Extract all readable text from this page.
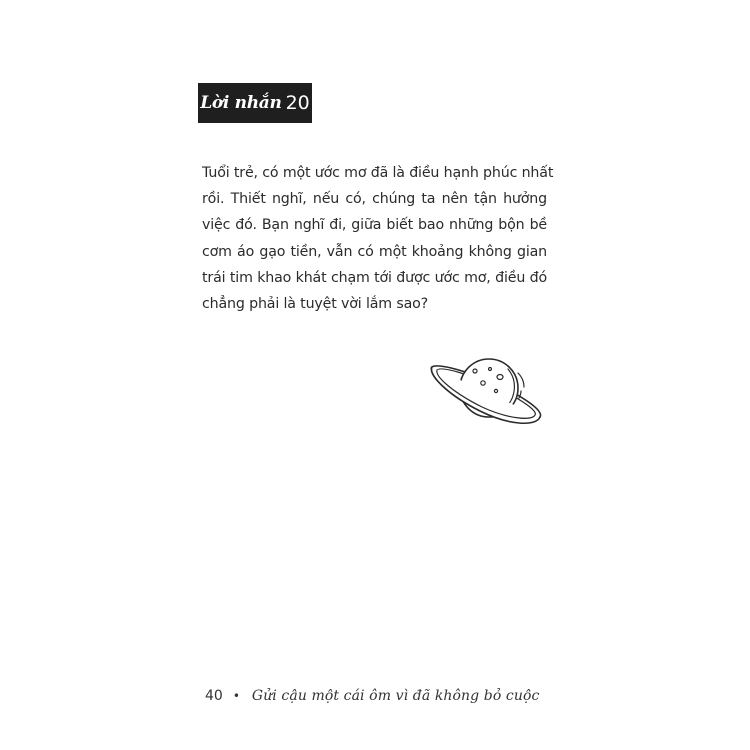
Lời nhắn 20

Tuổi trẻ, có một ước mơ đã là điều hạnh phúc nhất
rồi. Thiết nghĩ, nếu có, chúng ta nên tận hưởng
việc đó. Bạn nghĩ đi, giữa biết bao những bộn bề
cơm áo gạo tiền, vẫn có một khoảng không gian
trái tim khao khát chạm tới được ước mơ, điều đó
chẳng phải là tuyệt vời lắm sao?

40 • Gửi cậu một cái ôm vì đã không bỏ cuộc
